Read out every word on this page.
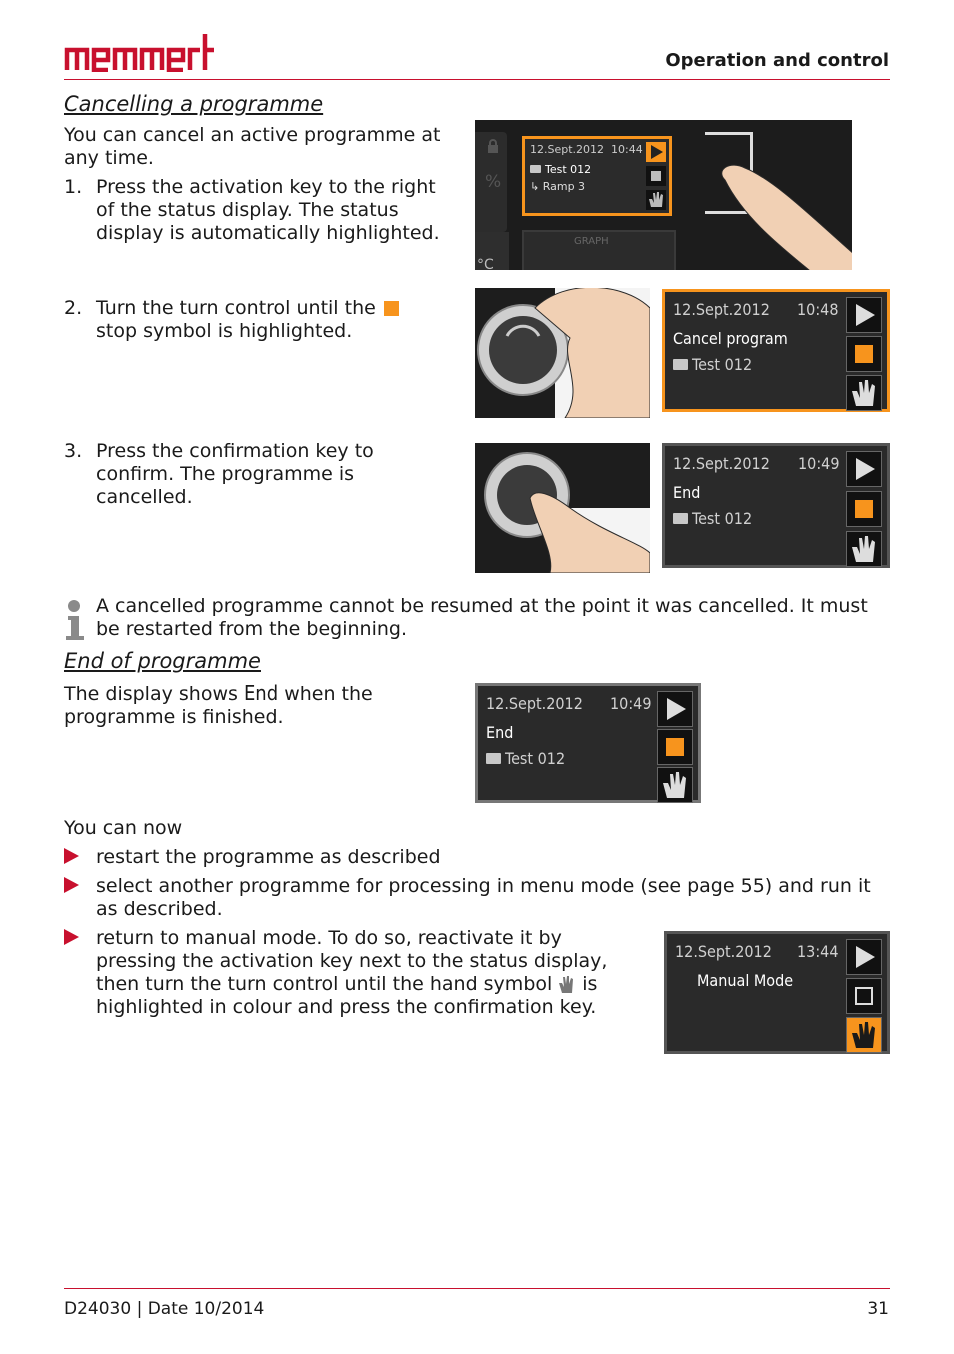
Operation and control
Cancelling a programme
You can cancel an active programme at any time.
1. Press the activation key to the right of the status display. The status display is automatically highlighted.
%
°C
12.Sept.2012 10:44
Test 012
↳ Ramp 3
GRAPH
2. Turn the turn control until the  stop symbol is highlighted.
12.Sept.2012 10:48
Cancel program
Test 012
3. Press the confirmation key to confirm. The programme is cancelled.
12.Sept.2012 10:49
End
Test 012
A cancelled programme cannot be resumed at the point it was cancelled. It must be restarted from the beginning.
End of programme
The display shows End when the programme is finished.
12.Sept.2012 10:49
End
Test 012
You can now
restart the programme as described
select another programme for processing in menu mode (see page 55) and run it as described.
return to manual mode. To do so, reactivate it by pressing the activation key next to the status display, then turn the turn control until the hand symbol is highlighted in colour and press the confirmation key.
12.Sept.2012 13:44
Manual Mode
D24030 | Date 10/2014	31
